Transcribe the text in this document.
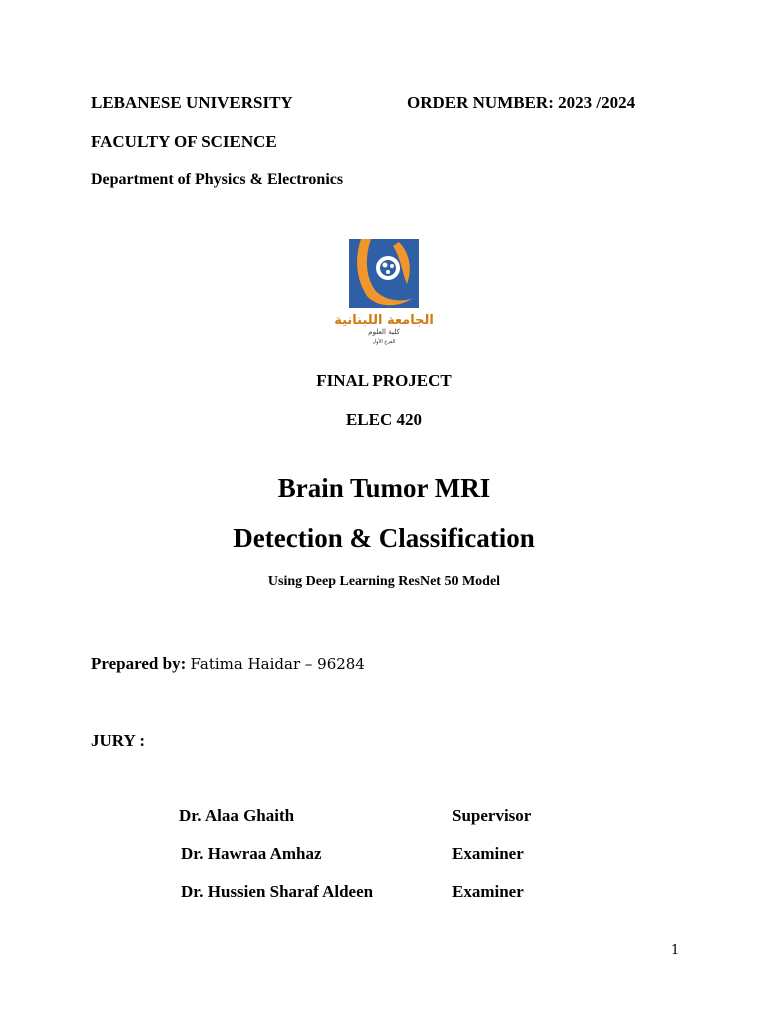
LEBANESE UNIVERSITY	ORDER NUMBER: 2023 /2024
FACULTY OF SCIENCE
Department of Physics & Electronics
الجامعة اللبنانية
كلية العلوم
الفرع الأول
FINAL PROJECT
ELEC 420
Brain Tumor MRI
Detection & Classification
Using Deep Learning ResNet 50 Model
Prepared by: Fatima Haidar – 96284
JURY :
Dr. Alaa Ghaith	Supervisor
Dr. Hawraa Amhaz	Examiner
Dr. Hussien Sharaf Aldeen	Examiner
1
